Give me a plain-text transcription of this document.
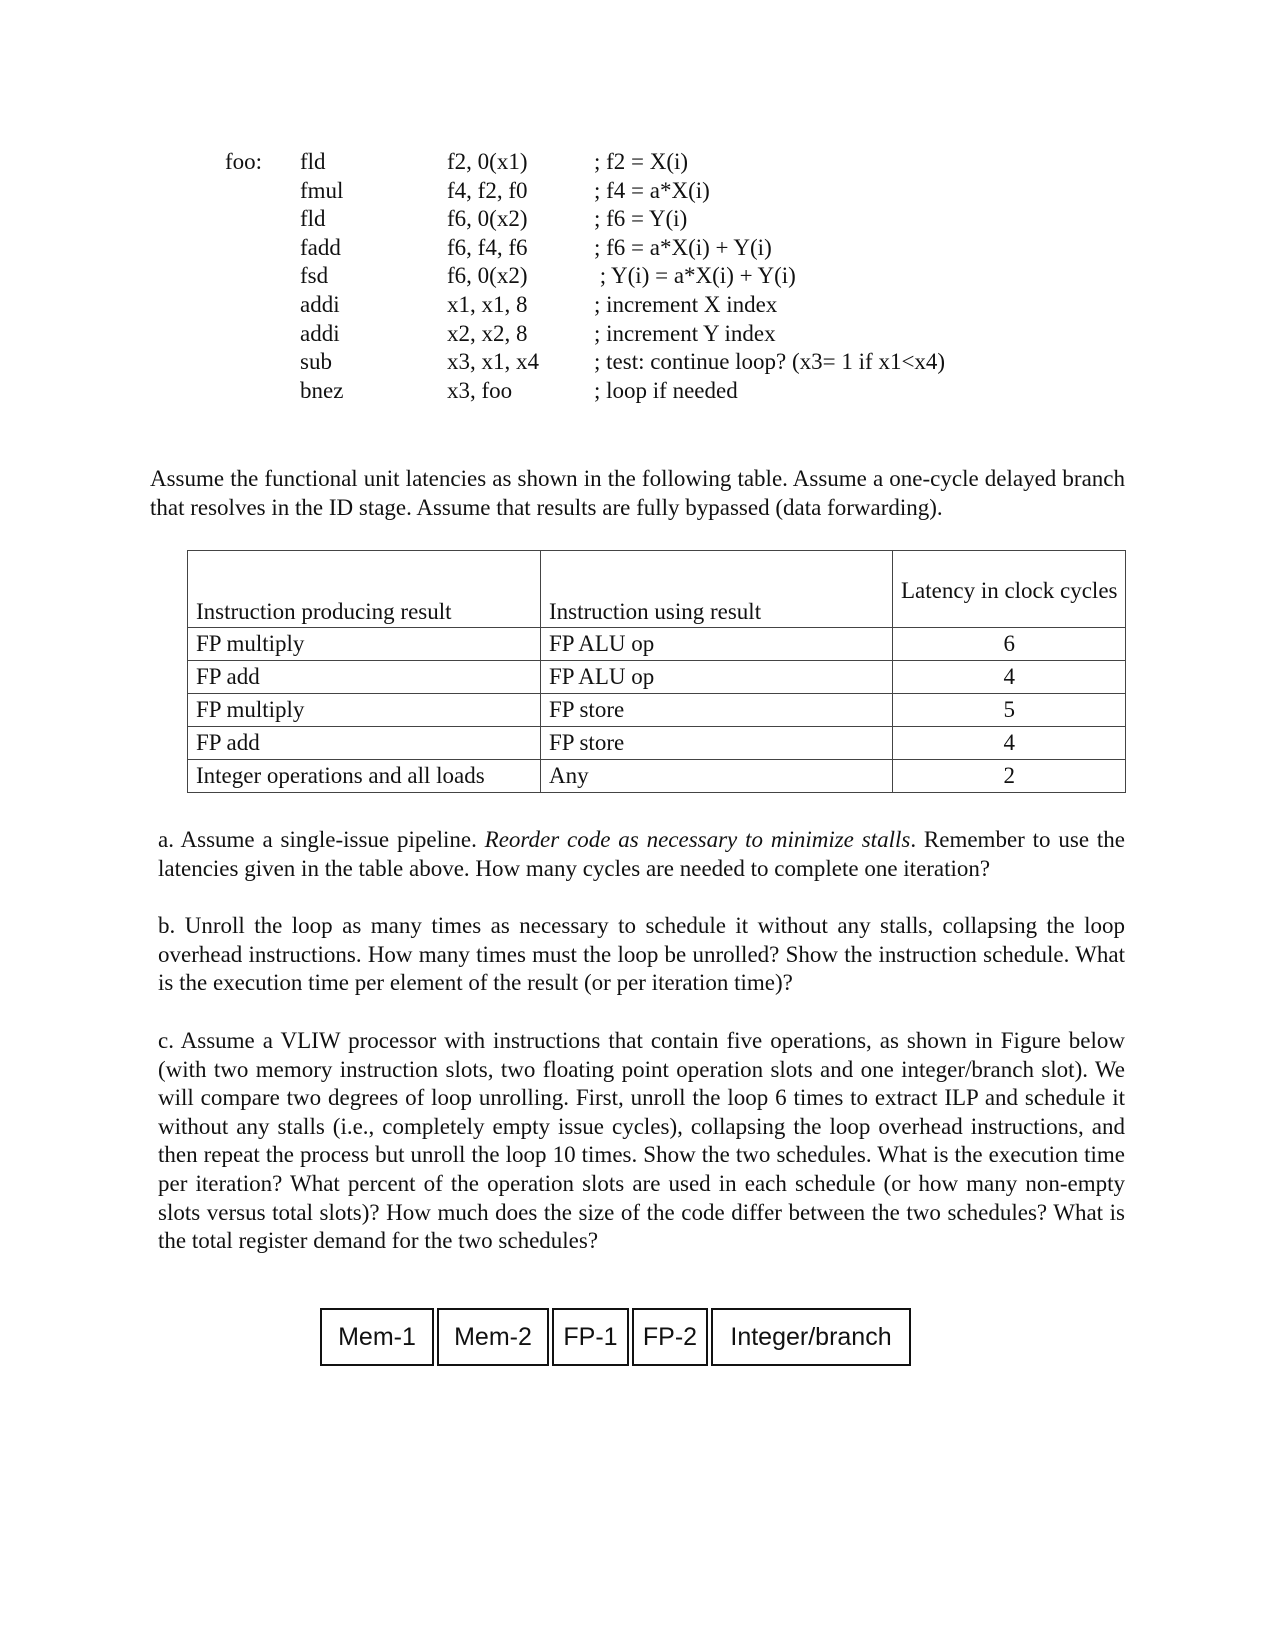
foo: fld	f2, 0(x1)	; f2 = X(i)
fmul	f4, f2, f0	; f4 = a*X(i)
fld	f6, 0(x2)	; f6 = Y(i)
fadd	f6, f4, f6	; f6 = a*X(i) + Y(i)
fsd	f6, 0(x2)	; Y(i) = a*X(i) + Y(i)
addi	x1, x1, 8	; increment X index
addi	x2, x2, 8	; increment Y index
sub	x3, x1, x4 ; test: continue loop? (x3= 1 if x1<x4)
bnez	x3, foo	; loop if needed

Assume the functional unit latencies as shown in the following table. Assume a one-cycle delayed branch that resolves in the ID stage. Assume that results are fully bypassed (data forwarding).

Instruction producing result	Instruction using result	Latency in clock cycles
FP multiply	FP ALU op	6
FP add	FP ALU op	4
FP multiply	FP store	5
FP add	FP store	4
Integer operations and all loads	Any	2

a. Assume a single-issue pipeline. Reorder code as necessary to minimize stalls. Remember to use the latencies given in the table above. How many cycles are needed to complete one iteration?

b. Unroll the loop as many times as necessary to schedule it without any stalls, collapsing the loop overhead instructions. How many times must the loop be unrolled? Show the instruction schedule. What is the execution time per element of the result (or per iteration time)?

c. Assume a VLIW processor with instructions that contain five operations, as shown in Figure below (with two memory instruction slots, two floating point operation slots and one integer/branch slot). We will compare two degrees of loop unrolling. First, unroll the loop 6 times to extract ILP and schedule it without any stalls (i.e., completely empty issue cycles), collapsing the loop overhead instructions, and then repeat the process but unroll the loop 10 times. Show the two schedules. What is the execution time per iteration? What percent of the operation slots are used in each schedule (or how many non-empty slots versus total slots)? How much does the size of the code differ between the two schedules? What is the total register demand for the two schedules?

Mem-1	Mem-2	FP-1	FP-2	Integer/branch
